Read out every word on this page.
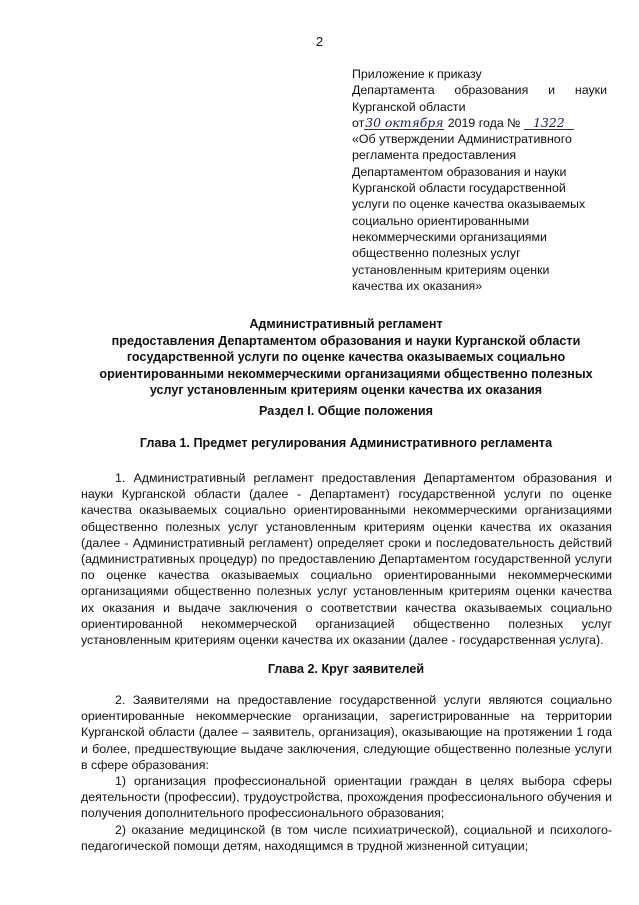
2
Приложение к приказу
Департамента образования и науки
Курганской области
от30 октября 2019 года № 1322
«Об утверждении Административного
регламента предоставления
Департаментом образования и науки
Курганской области государственной
услуги по оценке качества оказываемых
социально ориентированными
некоммерческими организациями
общественно полезных услуг
установленным критериям оценки
качества их оказания»
Административный регламент
предоставления Департаментом образования и науки Курганской области
государственной услуги по оценке качества оказываемых социально
ориентированными некоммерческими организациями общественно полезных
услуг установленным критериям оценки качества их оказания
Раздел I. Общие положения
Глава 1. Предмет регулирования Административного регламента

1. Административный регламент предоставления Департаментом образования и науки Курганской области (далее - Департамент) государственной услуги по оценке качества оказываемых социально ориентированными некоммерческими организациями общественно полезных услуг установленным критериям оценки качества их оказания (далее - Административный регламент) определяет сроки и последовательность действий (административных процедур) по предоставлению Департаментом государственной услуги по оценке качества оказываемых социально ориентированными некоммерческими организациями общественно полезных услуг установленным критериям оценки качества их оказания и выдаче заключения о соответствии качества оказываемых социально ориентированной некоммерческой организацией общественно полезных услуг установленным критериям оценки качества их оказании (далее - государственная услуга).

Глава 2. Круг заявителей

2. Заявителями на предоставление государственной услуги являются социально ориентированные некоммерческие организации, зарегистрированные на территории Курганской области (далее – заявитель, организация), оказывающие на протяжении 1 года и более, предшествующие выдаче заключения, следующие общественно полезные услуги в сфере образования:

1) организация профессиональной ориентации граждан в целях выбора сферы деятельности (профессии), трудоустройства, прохождения профессионального обучения и получения дополнительного профессионального образования;

2) оказание медицинской (в том числе психиатрической), социальной и психолого-педагогической помощи детям, находящимся в трудной жизненной ситуации;
